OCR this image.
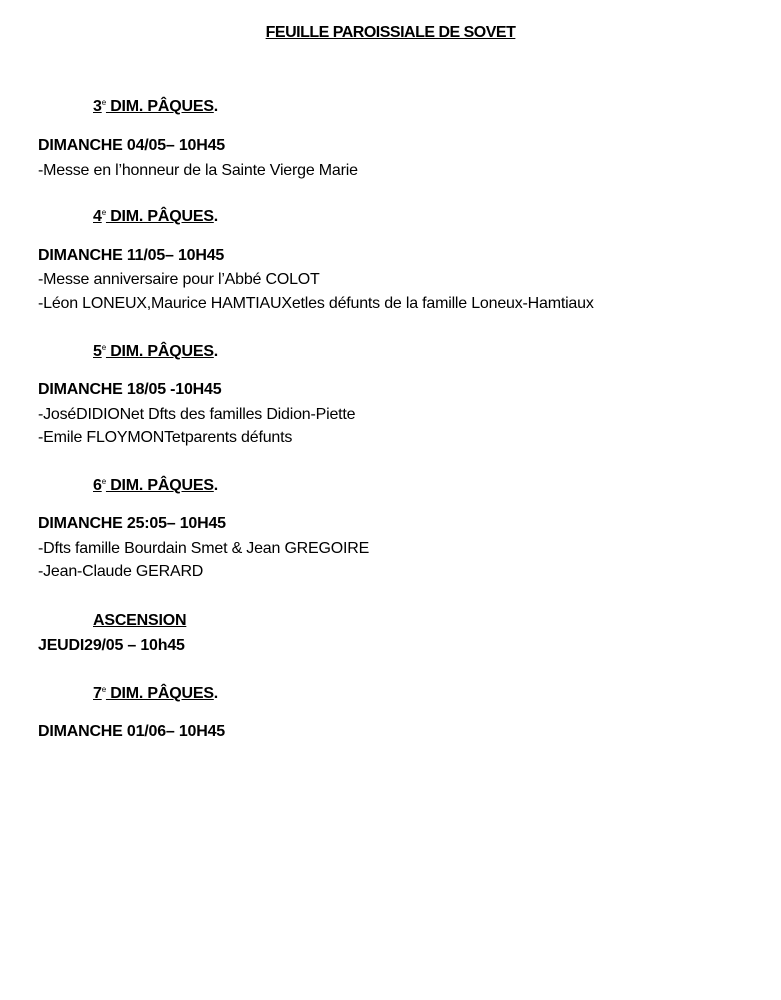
FEUILLE PAROISSIALE DE SOVET
3e DIM. PÂQUES.
DIMANCHE 04/05– 10H45
-Messe en l’honneur de la Sainte Vierge Marie
4e DIM. PÂQUES.
DIMANCHE 11/05– 10H45
-Messe anniversaire pour l’Abbé COLOT
-Léon LONEUX,Maurice HAMTIAUXetles défunts de la famille Loneux-Hamtiaux
5e DIM. PÂQUES.
DIMANCHE 18/05 -10H45
-JoséDIDIONet Dfts des familles Didion-Piette
-Emile FLOYMONTetparents défunts
6e DIM. PÂQUES.
DIMANCHE 25:05– 10H45
-Dfts famille Bourdain Smet & Jean GREGOIRE
-Jean-Claude GERARD
ASCENSION
JEUDI29/05 – 10h45
7e DIM. PÂQUES.
DIMANCHE 01/06– 10H45
